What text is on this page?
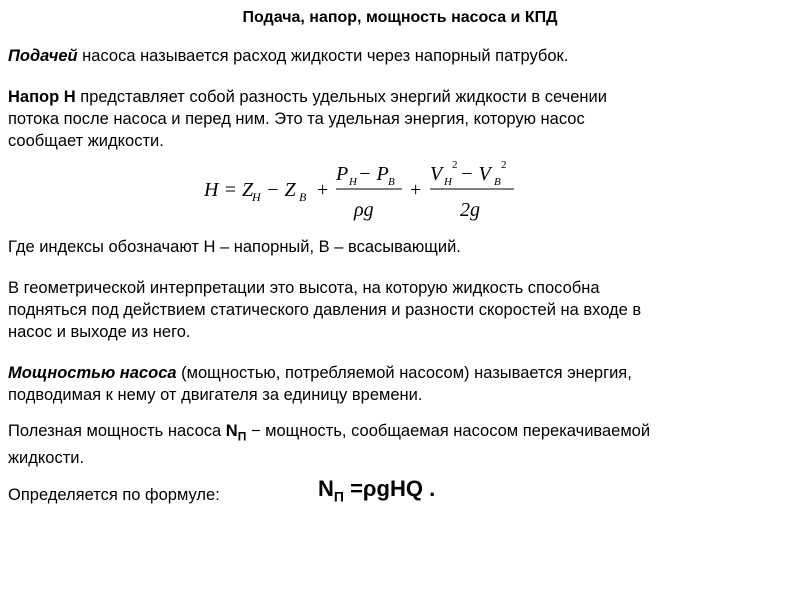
Подача, напор, мощность насоса и КПД
Подачей насоса называется расход жидкости через напорный патрубок.
Напор Н представляет собой разность удельных энергий жидкости в сечении
потока после насоса и перед ним. Это та удельная энергия, которую насос
сообщает жидкости.
H = Z
H − Z B +
P H − P B
ρg
+
V H
2 − V B
2
2g
Где индексы обозначают Н – напорный, В – всасывающий.
В геометрической интерпретации это высота, на которую жидкость способна
подняться под действием статического давления и разности скоростей на входе в
насос и выходе из него.
Мощностью насоса (мощностью, потребляемой насосом) называется энергия,
подводимая к нему от двигателя за единицу времени.
Полезная мощность насоса $N_П$ − мощность, сообщаемая насосом перекачиваемой
жидкости.
Определяется по формуле:	$N_П =\rho gHQ$ .
